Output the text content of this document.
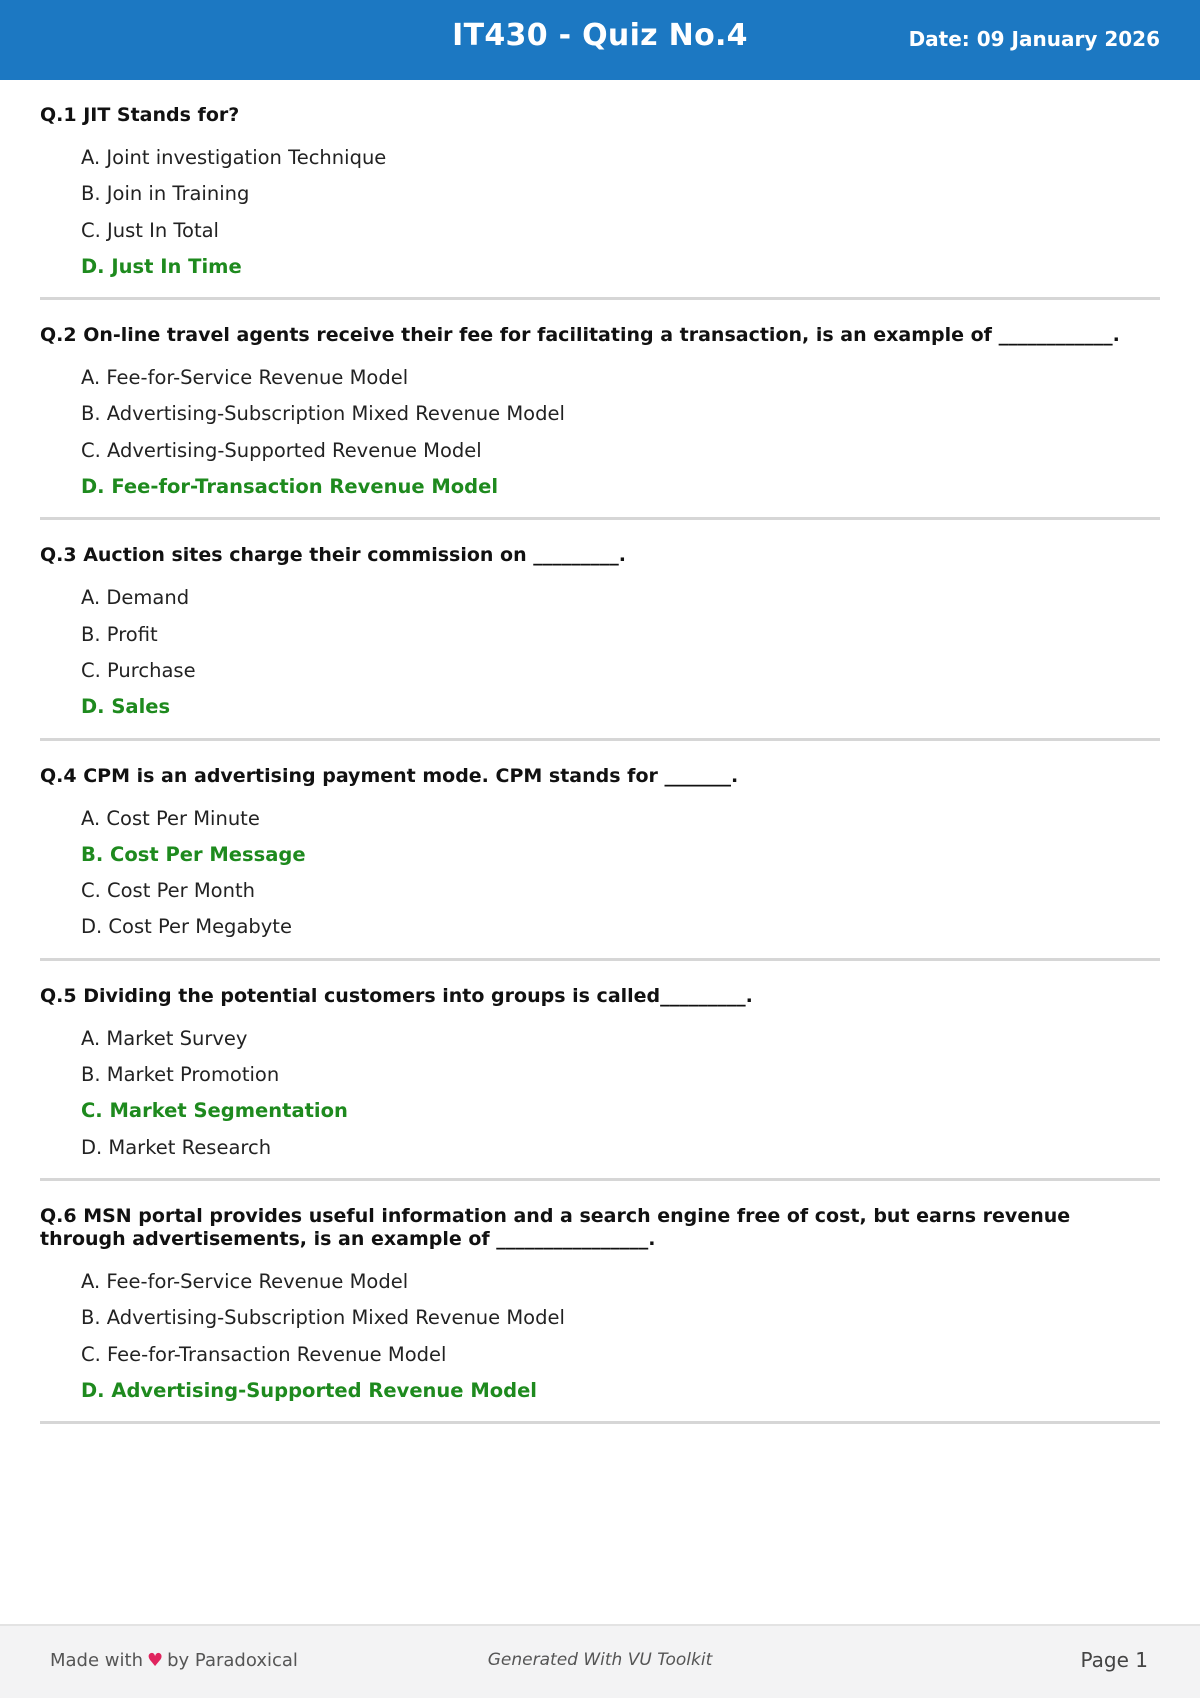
IT430 - Quiz No.4	Date: 09 January 2026
Q.1 JIT Stands for?
A. Joint investigation Technique
B. Join in Training
C. Just In Total
D. Just In Time
Q.2 On-line travel agents receive their fee for facilitating a transaction, is an example of ____________.
A. Fee-for-Service Revenue Model
B. Advertising-Subscription Mixed Revenue Model
C. Advertising-Supported Revenue Model
D. Fee-for-Transaction Revenue Model
Q.3 Auction sites charge their commission on _________.
A. Demand
B. Profit
C. Purchase
D. Sales
Q.4 CPM is an advertising payment mode. CPM stands for _______.
A. Cost Per Minute
B. Cost Per Message
C. Cost Per Month
D. Cost Per Megabyte
Q.5 Dividing the potential customers into groups is called_________.
A. Market Survey
B. Market Promotion
C. Market Segmentation
D. Market Research
Q.6 MSN portal provides useful information and a search engine free of cost, but earns revenue through advertisements, is an example of ________________.
A. Fee-for-Service Revenue Model
B. Advertising-Subscription Mixed Revenue Model
C. Fee-for-Transaction Revenue Model
D. Advertising-Supported Revenue Model
Made with ♥ by Paradoxical	Generated With VU Toolkit	Page 1
